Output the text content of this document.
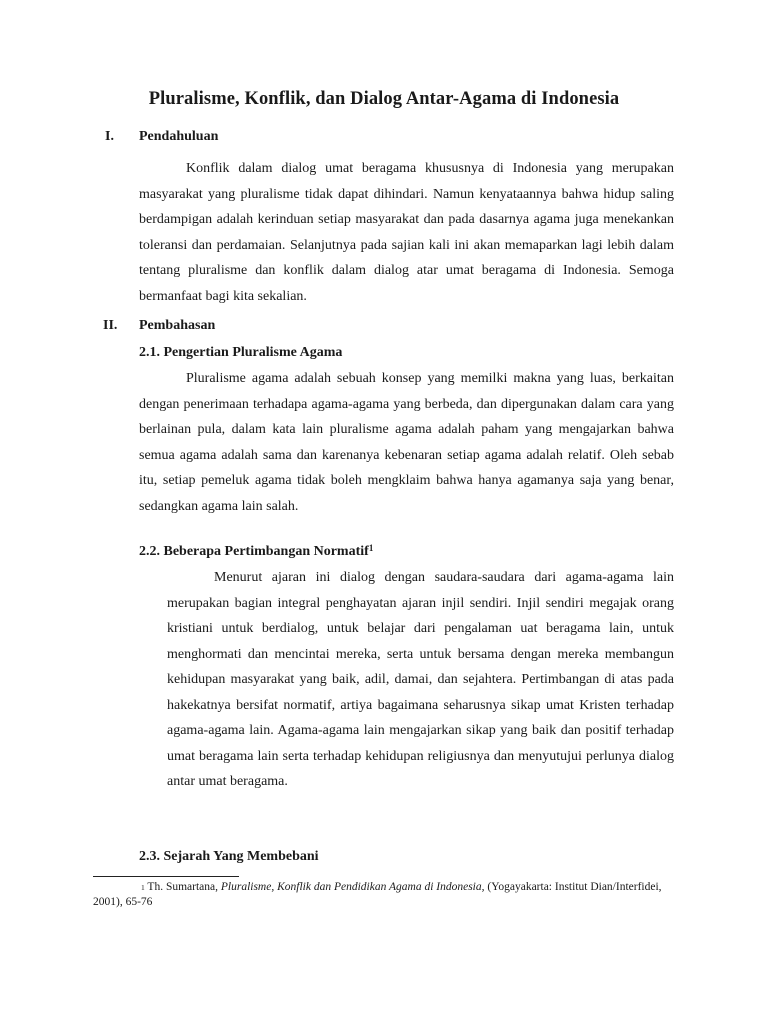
Pluralisme, Konflik, dan Dialog Antar-Agama di Indonesia
I. Pendahuluan

Konflik dalam dialog umat beragama khususnya di Indonesia yang merupakan masyarakat yang pluralisme tidak dapat dihindari. Namun kenyataannya bahwa hidup saling berdampigan adalah kerinduan setiap masyarakat dan pada dasarnya agama juga menekankan toleransi dan perdamaian. Selanjutnya pada sajian kali ini akan memaparkan lagi lebih dalam tentang pluralisme dan konflik dalam dialog atar umat beragama di Indonesia. Semoga bermanfaat bagi kita sekalian.

II. Pembahasan
2.1. Pengertian Pluralisme Agama

Pluralisme agama adalah sebuah konsep yang memilki makna yang luas, berkaitan dengan penerimaan terhadapa agama-agama yang berbeda, dan dipergunakan dalam cara yang berlainan pula, dalam kata lain pluralisme agama adalah paham yang mengajarkan bahwa semua agama adalah sama dan karenanya kebenaran setiap agama adalah relatif. Oleh sebab itu, setiap pemeluk agama tidak boleh mengklaim bahwa hanya agamanya saja yang benar, sedangkan agama lain salah.

2.2. Beberapa Pertimbangan Normatif$^1$

Menurut ajaran ini dialog dengan saudara-saudara dari agama-agama lain merupakan bagian integral penghayatan ajaran injil sendiri. Injil sendiri megajak orang kristiani untuk berdialog, untuk belajar dari pengalaman uat beragama lain, untuk menghormati dan mencintai mereka, serta untuk bersama dengan mereka membangun kehidupan masyarakat yang baik, adil, damai, dan sejahtera. Pertimbangan di atas pada hakekatnya bersifat normatif, artiya bagaimana seharusnya sikap umat Kristen terhadap agama-agama lain. Agama-agama lain mengajarkan sikap yang baik dan positif terhadap umat beragama lain serta terhadap kehidupan religiusnya dan menyutujui perlunya dialog antar umat beragama.

2.3. Sejarah Yang Membebani

$^1$ Th. Sumartana, Pluralisme, Konflik dan Pendidikan Agama di Indonesia, (Yogayakarta: Institut Dian/Interfidei, 2001), 65-76
